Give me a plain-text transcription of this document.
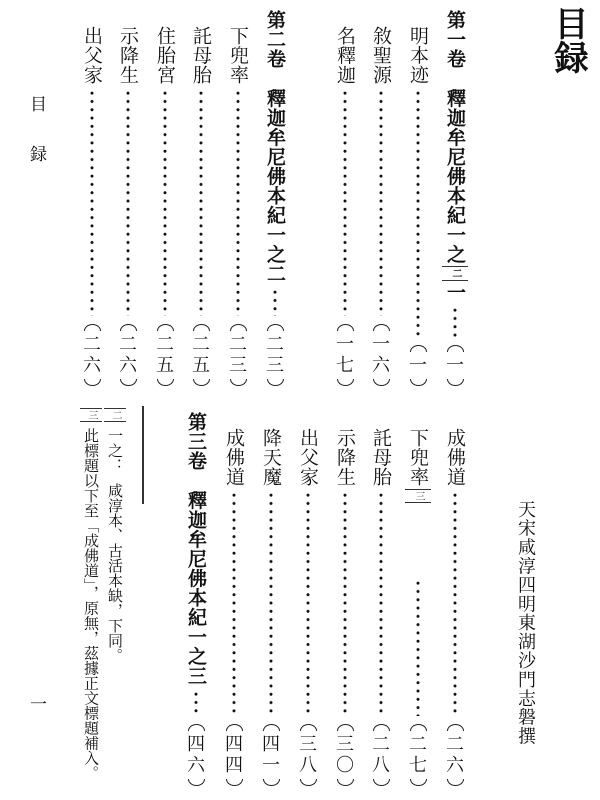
目録
目
録
一	天宋咸淳四明東湖沙門志磐撰
第一卷釋迦牟尼佛本紀一之二一
一
明本迹
一
敘聖源
一
六
名釋迦
一
七
第二卷釋迦牟尼佛本紀一之二
二
三
下兜率
二
三
託母胎
二
五
住胎宮
二
五
示降生
二
六
出父家
二
六
成佛道
二
六
下兜率三
二
七
託母胎
二
八
示降生
三
〇
出父家
三
八
降天魔
四
一
成佛道
四
四
第三卷釋迦牟尼佛本紀一之三
四
六
二一之：咸淳本、古活本缺，下同。
三此標題以下至「成佛道」，原無，茲據正文標題補入。
